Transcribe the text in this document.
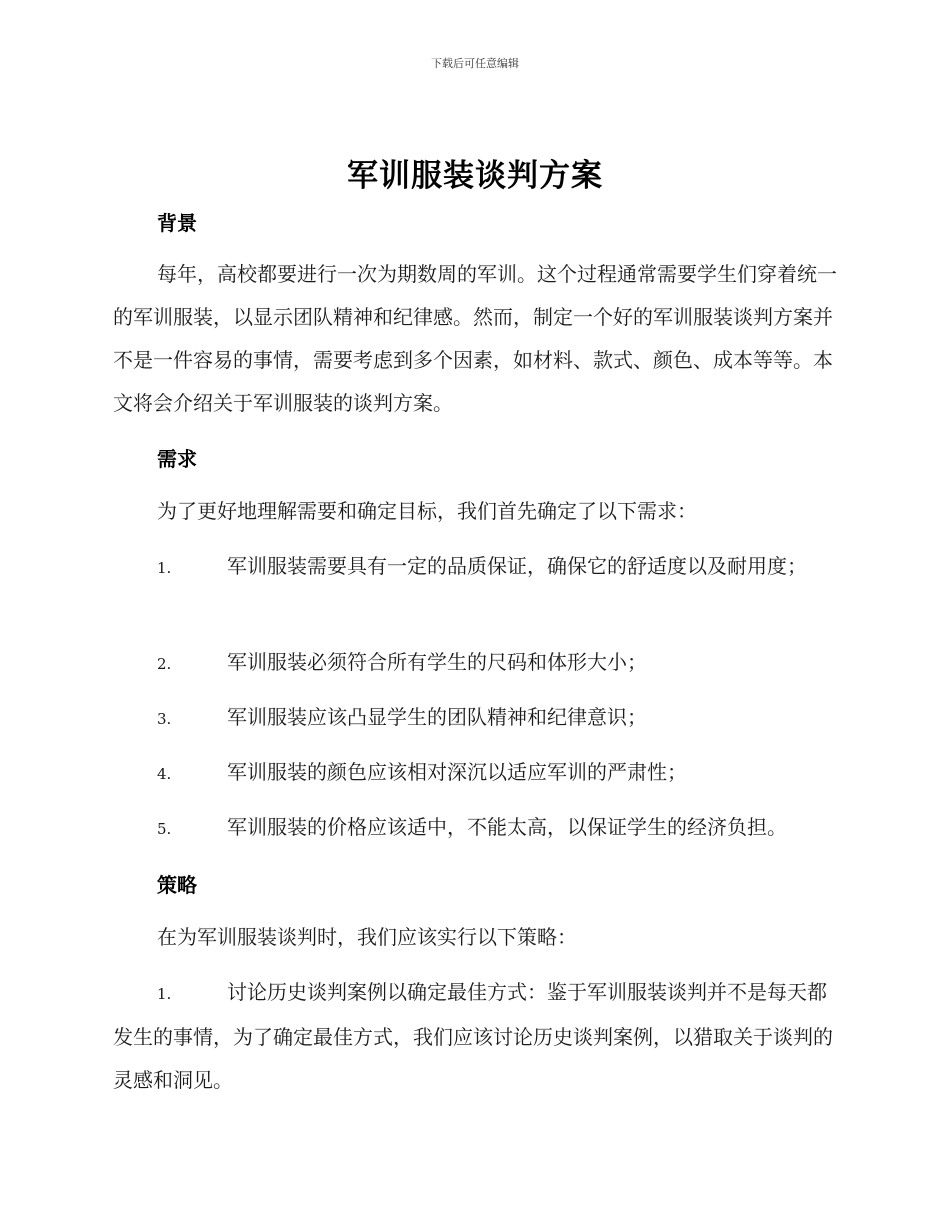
下载后可任意编辑
军训服装谈判方案
背景

每年，高校都要进行一次为期数周的军训。这个过程通常需要学生们穿着统一的军训服装，以显示团队精神和纪律感。然而，制定一个好的军训服装谈判方案并不是一件容易的事情，需要考虑到多个因素，如材料、款式、颜色、成本等等。本文将会介绍关于军训服装的谈判方案。

需求

为了更好地理解需要和确定目标，我们首先确定了以下需求：

1.	军训服装需要具有一定的品质保证，确保它的舒适度以及耐用度；

2.	军训服装必须符合所有学生的尺码和体形大小；

3.	军训服装应该凸显学生的团队精神和纪律意识；

4.	军训服装的颜色应该相对深沉以适应军训的严肃性；

5.	军训服装的价格应该适中，不能太高，以保证学生的经济负担。

策略

在为军训服装谈判时，我们应该实行以下策略：

1.	讨论历史谈判案例以确定最佳方式：鉴于军训服装谈判并不是每天都发生的事情，为了确定最佳方式，我们应该讨论历史谈判案例，以猎取关于谈判的灵感和洞见。
